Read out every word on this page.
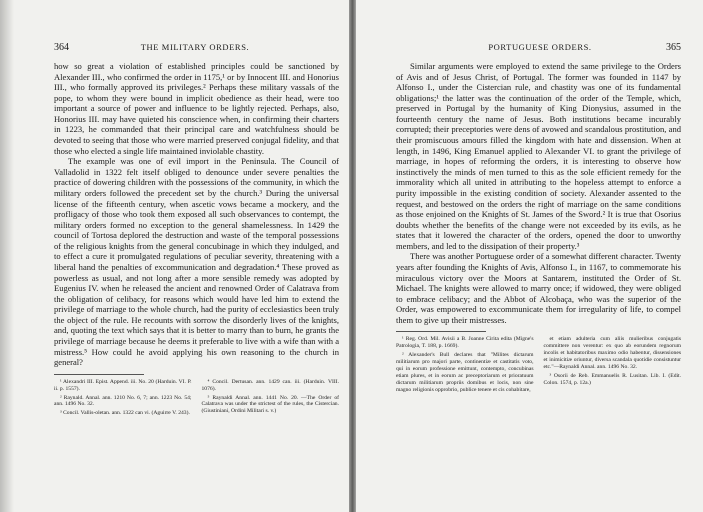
364	THE MILITARY ORDERS.

how so great a violation of established principles could be sanctioned by Alexander III., who confirmed the order in 1175,¹ or by Innocent III. and Honorius III., who formally approved its privileges.² Perhaps these military vassals of the pope, to whom they were bound in implicit obedience as their head, were too important a source of power and influence to be lightly rejected. Perhaps, also, Honorius III. may have quieted his conscience when, in confirming their charters in 1223, he commanded that their principal care and watchfulness should be devoted to seeing that those who were married preserved conjugal fidelity, and that those who elected a single life maintained inviolable chastity.

The example was one of evil import in the Peninsula. The Council of Valladolid in 1322 felt itself obliged to denounce under severe penalties the practice of dowering children with the possessions of the community, in which the military orders followed the precedent set by the church.³ During the universal license of the fifteenth century, when ascetic vows became a mockery, and the profligacy of those who took them exposed all such observances to contempt, the military orders formed no exception to the general shamelessness. In 1429 the council of Tortosa deplored the destruction and waste of the temporal possessions of the religious knights from the general concubinage in which they indulged, and to effect a cure it promulgated regulations of peculiar severity, threatening with a liberal hand the penalties of excommunication and degradation.⁴ These proved as powerless as usual, and not long after a more sensible remedy was adopted by Eugenius IV. when he released the ancient and renowned Order of Calatrava from the obligation of celibacy, for reasons which would have led him to extend the privilege of marriage to the whole church, had the purity of ecclesiastics been truly the object of the rule. He recounts with sorrow the disorderly lives of the knights, and, quoting the text which says that it is better to marry than to burn, he grants the privilege of marriage because he deems it preferable to live with a wife than with a mistress.⁵ How could he avoid applying his own reasoning to the church in general?

¹ Alexandri III. Epist. Append. iii. No. 20 (Harduin. VI. P. ii. p. 1557).

² Raynald. Annal. ann. 1210 No. 6, 7; ann. 1223 No. 54; ann. 1496 No. 32.

³ Concil. Vallis-oletan. ann. 1322 can vi. (Aguirre V. 243).

⁴ Concil. Dertusan. ann. 1429 can. iii. (Harduin. VIII. 1076).

⁵ Raynaldi Annal. ann. 1441 No. 20. —The Order of Calatrava was under the strictest of the rules, the Cistercian. (Giustiniani, Ordini Militari s. v.)

PORTUGUESE ORDERS.	365

Similar arguments were employed to extend the same privilege to the Orders of Avis and of Jesus Christ, of Portugal. The former was founded in 1147 by Alfonso I., under the Cistercian rule, and chastity was one of its fundamental obligations;¹ the latter was the continuation of the order of the Temple, which, preserved in Portugal by the humanity of King Dionysius, assumed in the fourteenth century the name of Jesus. Both institutions became incurably corrupted; their preceptories were dens of avowed and scandalous prostitution, and their promiscuous amours filled the kingdom with hate and dissension. When at length, in 1496, King Emanuel applied to Alexander VI. to grant the privilege of marriage, in hopes of reforming the orders, it is interesting to observe how instinctively the minds of men turned to this as the sole efficient remedy for the immorality which all united in attributing to the hopeless attempt to enforce a purity impossible in the existing condition of society. Alexander assented to the request, and bestowed on the orders the right of marriage on the same conditions as those enjoined on the Knights of St. James of the Sword.² It is true that Osorius doubts whether the benefits of the change were not exceeded by its evils, as he states that it lowered the character of the orders, opened the door to unworthy members, and led to the dissipation of their property.³

There was another Portuguese order of a somewhat different character. Twenty years after founding the Knights of Avis, Alfonso I., in 1167, to commemorate his miraculous victory over the Moors at Santarem, instituted the Order of St. Michael. The knights were allowed to marry once; if widowed, they were obliged to embrace celibacy; and the Abbot of Alcobaça, who was the superior of the Order, was empowered to excommunicate them for irregularity of life, to compel them to give up their mistresses.

¹ Reg. Ord. Mil. Avisii a B. Joanne Cirita edita (Migne's Patrologia, T. 188, p. 1669).

² Alexander's Bull declares that "Milites dictarum militiarum pro majori parte, continentiæ et castitatis voto, qui in eorum professione emittunt, contempto, concubinas etiam plures, et in eorum ac preceptoriarum et prioratuum dictarum militiarum propriis domibus et locis, non sine magno religionis opprobrio, publice tenere et cis cohabitare,

et etiam adulteria cum aliis mulieribus conjugatis committere non verentur: ex quo ab eorundem regnorum incolis et habitatoribus maximo odio habentur, dissensiones et inimicitiæ oriuntur, diversa scandala quotidie consistuntur etc."—Raynaldi Annal. ann. 1496 No. 32.

³ Osorii de Reb. Emmanuelis R. Lusitan. Lib. I. (Edit. Colon. 1574, p. 12a.)
